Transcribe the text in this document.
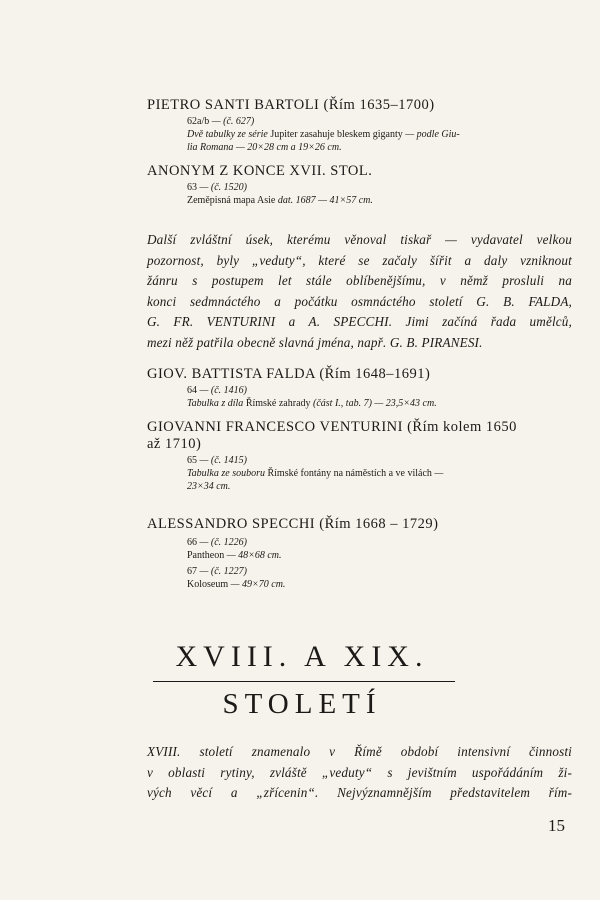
PIETRO SANTI BARTOLI (Řím 1635–1700)
62a/b — (č. 627)
Dvě tabulky ze série Jupiter zasahuje bleskem giganty — podle Giu-
lia Romana — 20×28 cm a 19×26 cm.
ANONYM Z KONCE XVII. STOL.
63 — (č. 1520)
Zeměpisná mapa Asie dat. 1687 — 41×57 cm.
Další zvláštní úsek, kterému věnoval tiskař — vydavatel velkou
pozornost, byly „veduty“, které se začaly šířit a daly vzniknout
žánru s postupem let stále oblíbenějšímu, v němž prosluli na
konci sedmnáctého a počátku osmnáctého století G. B. FALDA,
G. FR. VENTURINI a A. SPECCHI. Jimi začíná řada umělců,
mezi něž patřila obecně slavná jména, např. G. B. PIRANESI.
GIOV. BATTISTA FALDA (Řím 1648–1691)
64 — (č. 1416)
Tabulka z díla Římské zahrady (část I., tab. 7) — 23,5×43 cm.
GIOVANNI FRANCESCO VENTURINI (Řím kolem 1650
až 1710)
65 — (č. 1415)
Tabulka ze souboru Římské fontány na náměstích a ve vilách —
23×34 cm.
ALESSANDRO SPECCHI (Řím 1668 – 1729)
66 — (č. 1226)
Pantheon — 48×68 cm.
67 — (č. 1227)
Koloseum — 49×70 cm.
XVIII. A XIX.
STOLETÍ
XVIII. století znamenalo v Římě období intensivní činnosti
v oblasti rytiny, zvláště „veduty“ s jevištním uspořádáním ži-
vých věcí a „zřícenin“. Nejvýznamnějším představitelem řím-
15
